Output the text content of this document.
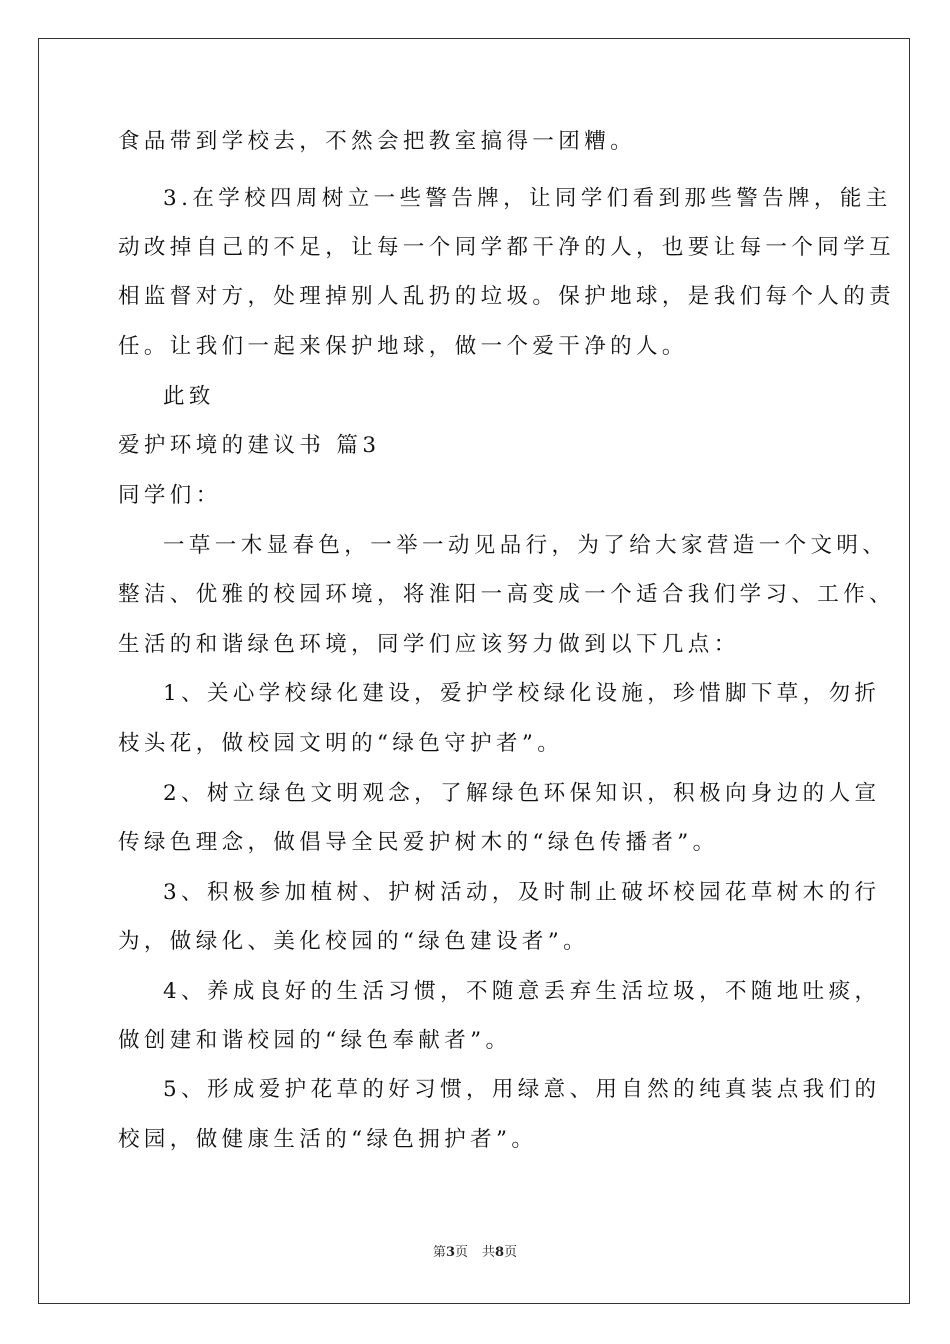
食品带到学校去，不然会把教室搞得一团糟。
3.在学校四周树立一些警告牌，让同学们看到那些警告牌，能主
动改掉自己的不足，让每一个同学都干净的人，也要让每一个同学互
相监督对方，处理掉别人乱扔的垃圾。保护地球，是我们每个人的责
任。让我们一起来保护地球，做一个爱干净的人。
此致
爱护环境的建议书 篇3
同学们：
一草一木显春色，一举一动见品行，为了给大家营造一个文明、
整洁、优雅的校园环境，将淮阳一高变成一个适合我们学习、工作、
生活的和谐绿色环境，同学们应该努力做到以下几点：
1、关心学校绿化建设，爱护学校绿化设施，珍惜脚下草，勿折
枝头花，做校园文明的“绿色守护者”。
2、树立绿色文明观念，了解绿色环保知识，积极向身边的人宣
传绿色理念，做倡导全民爱护树木的“绿色传播者”。
3、积极参加植树、护树活动，及时制止破坏校园花草树木的行
为，做绿化、美化校园的“绿色建设者”。
4、养成良好的生活习惯，不随意丢弃生活垃圾，不随地吐痰，
做创建和谐校园的“绿色奉献者”。
5、形成爱护花草的好习惯，用绿意、用自然的纯真装点我们的
校园，做健康生活的“绿色拥护者”。
第3页 共8页
